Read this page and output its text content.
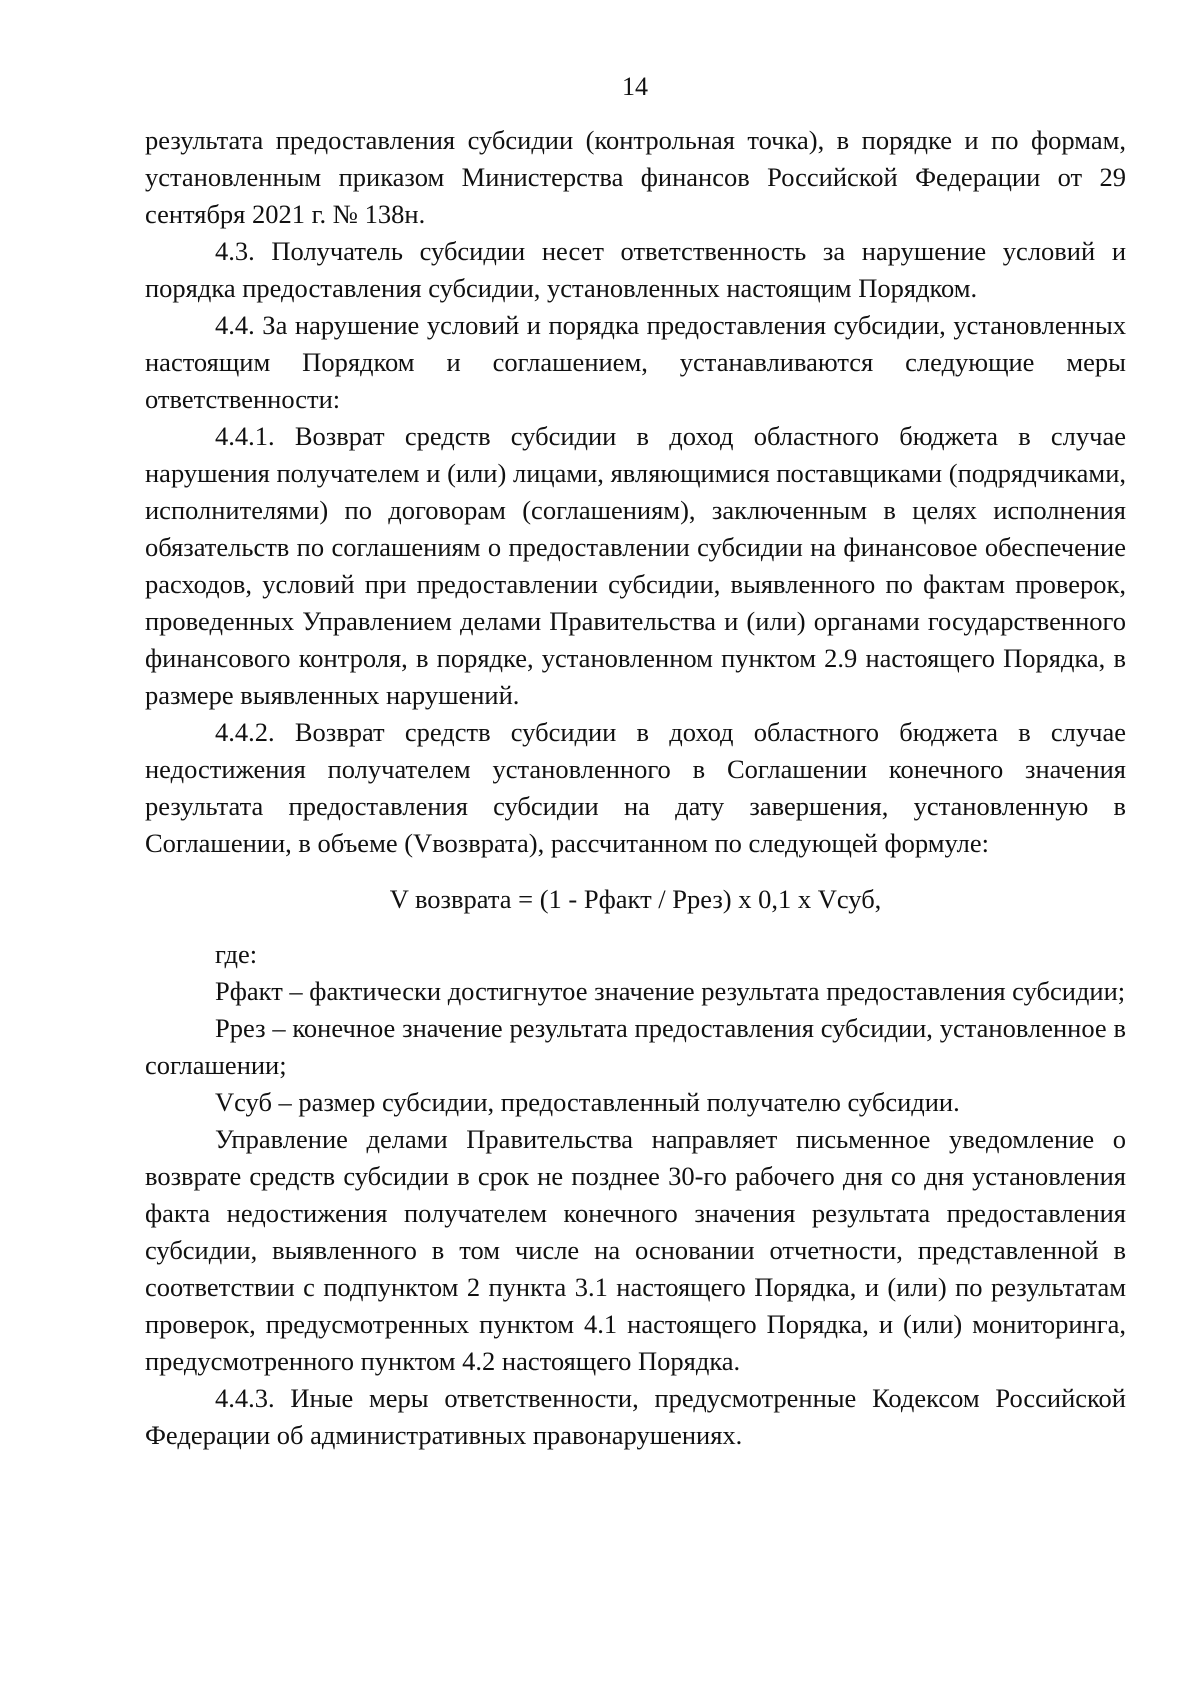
14

результата предоставления субсидии (контрольная точка), в порядке и по формам, установленным приказом Министерства финансов Российской Федерации от 29 сентября 2021 г. № 138н.

4.3. Получатель субсидии несет ответственность за нарушение условий и порядка предоставления субсидии, установленных настоящим Порядком.

4.4. За нарушение условий и порядка предоставления субсидии, установленных настоящим Порядком и соглашением, устанавливаются следующие меры ответственности:

4.4.1. Возврат средств субсидии в доход областного бюджета в случае нарушения получателем и (или) лицами, являющимися поставщиками (подрядчиками, исполнителями) по договорам (соглашениям), заключенным в целях исполнения обязательств по соглашениям о предоставлении субсидии на финансовое обеспечение расходов, условий при предоставлении субсидии, выявленного по фактам проверок, проведенных Управлением делами Правительства и (или) органами государственного финансового контроля, в порядке, установленном пунктом 2.9 настоящего Порядка, в размере выявленных нарушений.

4.4.2. Возврат средств субсидии в доход областного бюджета в случае недостижения получателем установленного в Соглашении конечного значения результата предоставления субсидии на дату завершения, установленную в Соглашении, в объеме (Vвозврата), рассчитанном по следующей формуле:

V возврата = (1 - Рфакт / Ррез) х 0,1 х Vсуб,

где:

Рфакт – фактически достигнутое значение результата предоставления субсидии;

Ррез – конечное значение результата предоставления субсидии, установленное в соглашении;

Vсуб – размер субсидии, предоставленный получателю субсидии.

Управление делами Правительства направляет письменное уведомление о возврате средств субсидии в срок не позднее 30-го рабочего дня со дня установления факта недостижения получателем конечного значения результата предоставления субсидии, выявленного в том числе на основании отчетности, представленной в соответствии с подпунктом 2 пункта 3.1 настоящего Порядка, и (или) по результатам проверок, предусмотренных пунктом 4.1 настоящего Порядка, и (или) мониторинга, предусмотренного пунктом 4.2 настоящего Порядка.

4.4.3. Иные меры ответственности, предусмотренные Кодексом Российской Федерации об административных правонарушениях.
